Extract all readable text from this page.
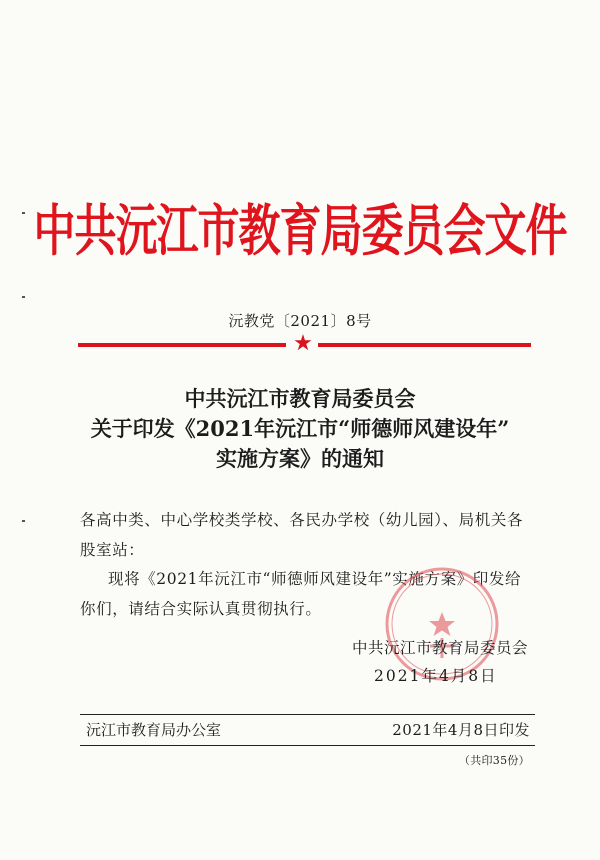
中共沅江市教育局委员会文件
沅教党〔2021〕8号
★
中共沅江市教育局委员会
关于印发《2021年沅江市“师德师风建设年”
实施方案》的通知

各高中类、中心学校类学校、各民办学校（幼儿园）、局机关各股室站：

现将《2021年沅江市“师德师风建设年”实施方案》印发给你们，请结合实际认真贯彻执行。

中共沅江市教育局委员会
2021年4月8日
沅江市教育局办公室	2021年4月8日印发
（共印35份）
